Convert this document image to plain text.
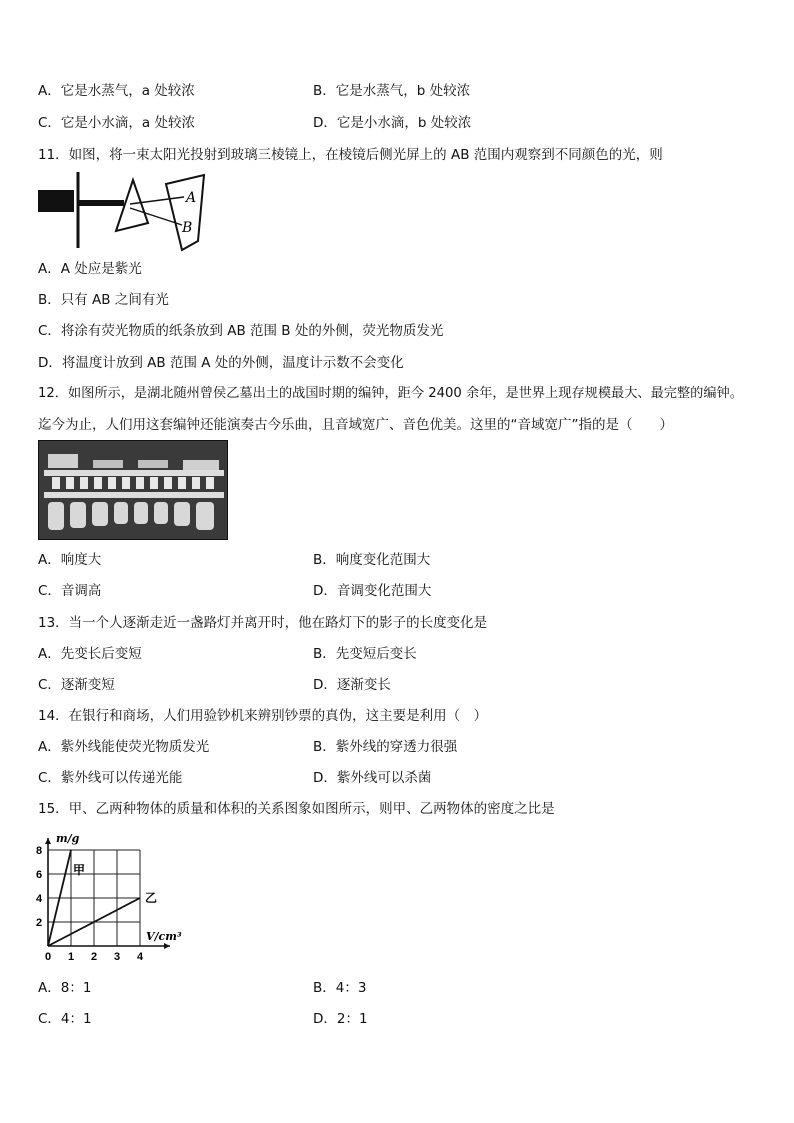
A．它是水蒸气，a 处较浓	B．它是水蒸气，b 处较浓
C．它是小水滴，a 处较浓	D．它是小水滴，b 处较浓
11．如图，将一束太阳光投射到玻璃三棱镜上，在棱镜后侧光屏上的 AB 范围内观察到不同颜色的光，则
A
B
A．A 处应是紫光
B．只有 AB 之间有光
C．将涂有荧光物质的纸条放到 AB 范围 B 处的外侧，荧光物质发光
D．将温度计放到 AB 范围 A 处的外侧，温度计示数不会变化
12．如图所示，是湖北随州曾侯乙墓出土的战国时期的编钟，距今 2400 余年，是世界上现存规模最大、最完整的编钟。
迄今为止，人们用这套编钟还能演奏古今乐曲，且音域宽广、音色优美。这里的“音域宽广”指的是（　　）
A．响度大	B．响度变化范围大
C．音调高	D．音调变化范围大
13．当一个人逐渐走近一盏路灯并离开时，他在路灯下的影子的长度变化是
A．先变长后变短	B．先变短后变长
C．逐渐变短	D．逐渐变长
14．在银行和商场，人们用验钞机来辨别钞票的真伪，这主要是利用（　）
A．紫外线能使荧光物质发光	B．紫外线的穿透力很强
C．紫外线可以传递光能	D．紫外线可以杀菌
15．甲、乙两种物体的质量和体积的关系图象如图所示，则甲、乙两物体的密度之比是
0 1 2 3 4
2
4
6
8
m/g
V/cm³
甲
乙
A．8：1	B．4：3
C．4：1	D．2：1
